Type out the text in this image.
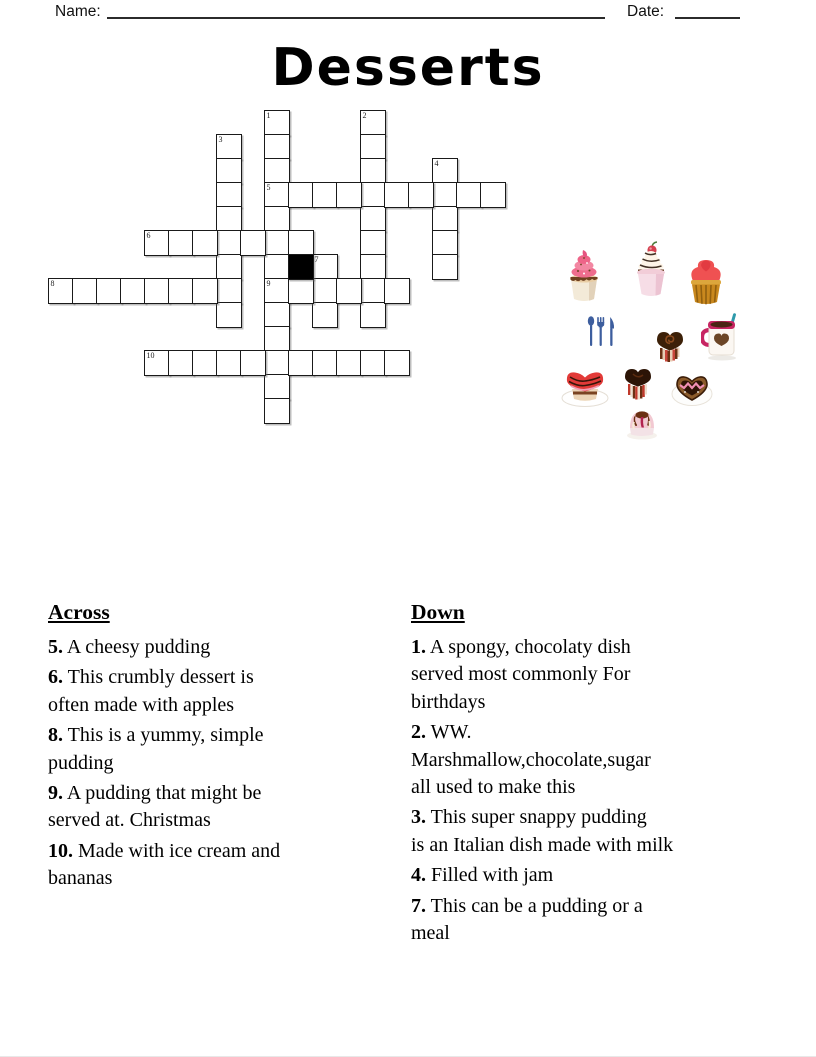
Name:	Date:
Desserts
1
5
9
2
3
4
6
7
8
10
Across

5. A cheesy pudding

6. This crumbly dessert is
often made with apples

8. This is a yummy, simple
pudding

9. A pudding that might be
served at. Christmas

10. Made with ice cream and
bananas

Down

1. A spongy, chocolaty dish
served most commonly For
birthdays

2. WW.
Marshmallow,chocolate,sugar
all used to make this

3. This super snappy pudding
is an Italian dish made with milk

4. Filled with jam

7. This can be a pudding or a
meal
